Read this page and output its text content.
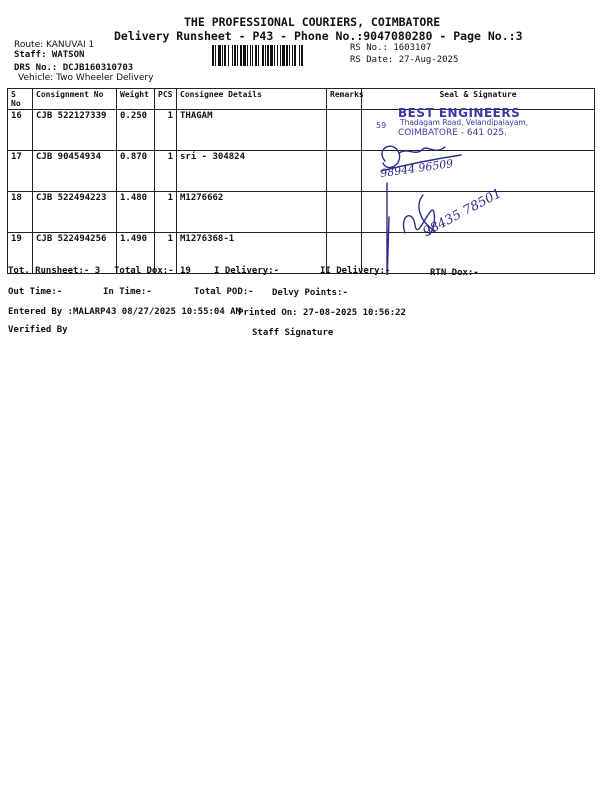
THE PROFESSIONAL COURIERS, COIMBATORE
Delivery Runsheet - P43 - Phone No.:9047080280 - Page No.:3
Route: KANUVAI 1
Staff: WATSON
DRS No.: DCJB160310703
Vehicle: Two Wheeler Delivery
RS No.: 1603107
RS Date: 27-Aug-2025
S No	Consignment No	Weight	PCS	Consignee Details	Remarks	Seal & Signature
16	CJB 522127339	0.250	1	THAGAM		
17	CJB 90454934	0.870	1	sri - 304824		
18	CJB 522494223	1.480	1	M1276662		
19	CJB 522494256	1.490	1	M1276368-1		
BEST ENGINEERS
59 Thadagam Road, Velandipalayam,
COIMBATORE - 641 025.
98944 96509
98435 78501
Tot. Runsheet:- 3 Total Dox:- 19	I Delivery:-	II Delivery:-	RTN Dox:-
Out Time:-	In Time:-	Total POD:- Delvy Points:-
Entered By :MALARP43 08/27/2025 10:55:04 AM
Printed On: 27-08-2025 10:56:22
Verified By	Staff Signature
